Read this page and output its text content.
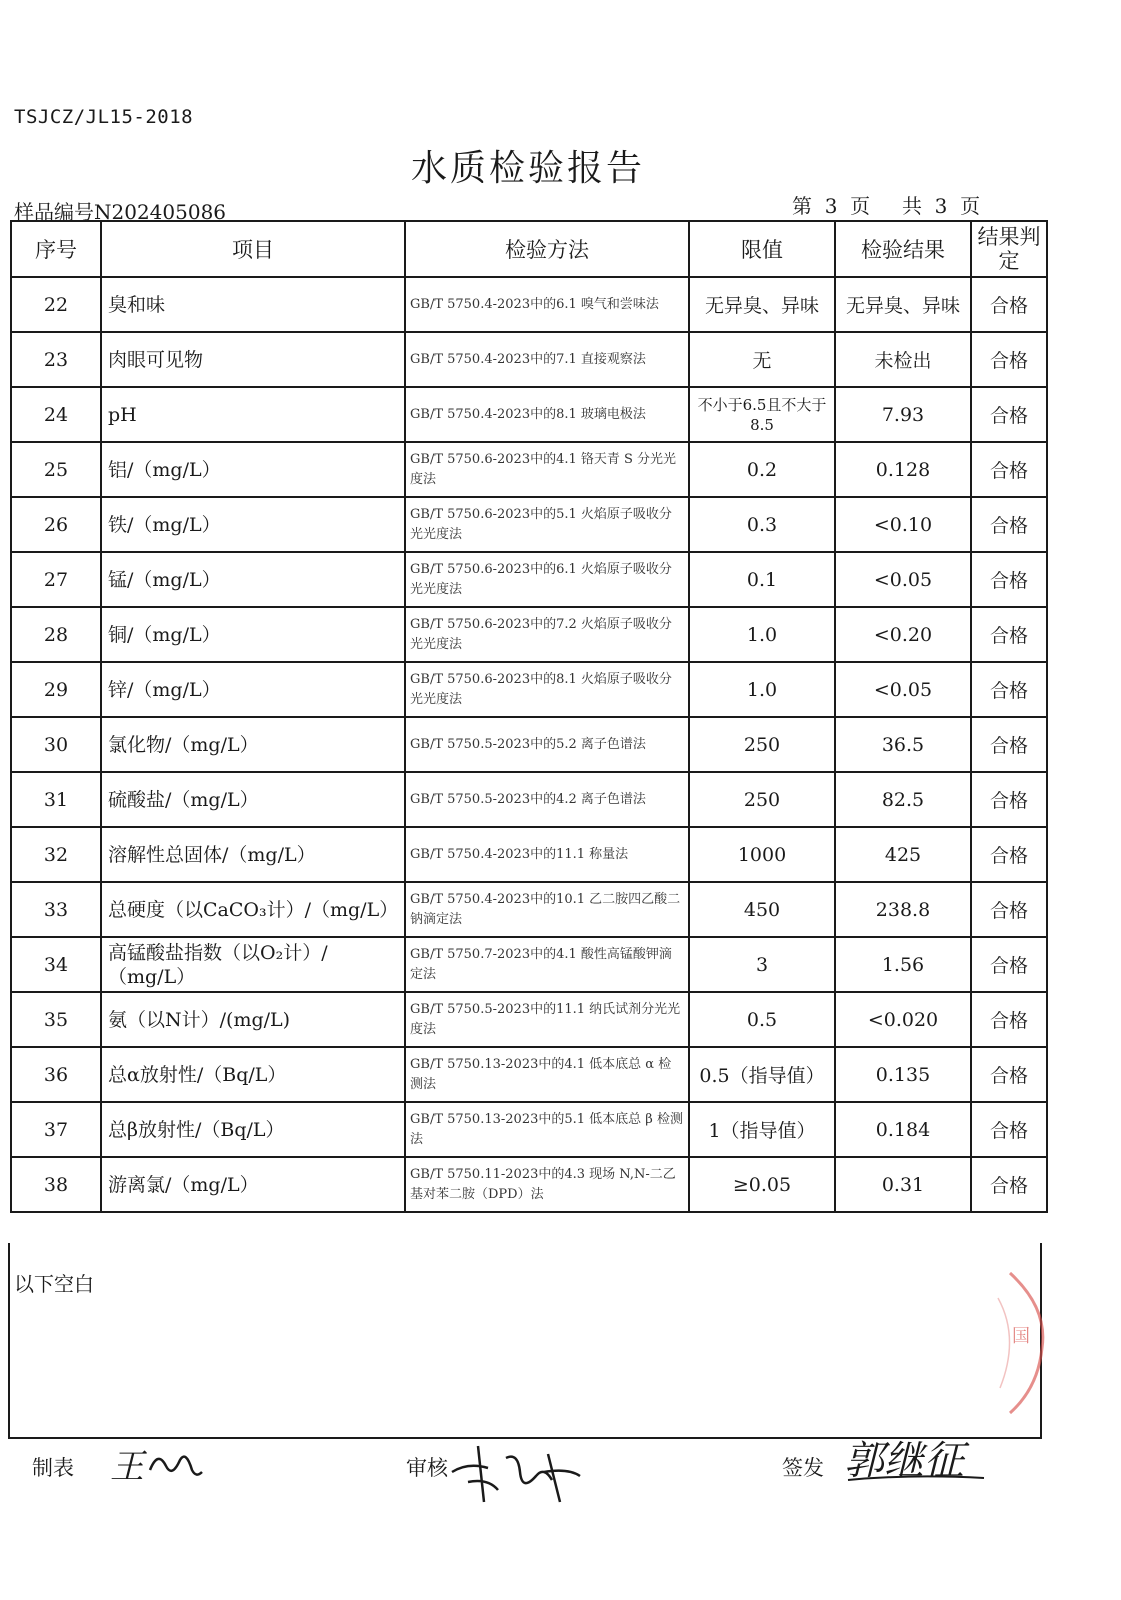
TSJCZ/JL15-2018
水质检验报告
样品编号N202405086	第  3  页     共  3  页
序号	项目	检验方法	限值	检验结果	结果判定
22	臭和味	GB/T 5750.4-2023中的6.1 嗅气和尝味法	无异臭、异味	无异臭、异味	合格
23	肉眼可见物	GB/T 5750.4-2023中的7.1 直接观察法	无	未检出	合格
24	pH	GB/T 5750.4-2023中的8.1 玻璃电极法	不小于6.5且不大于8.5	7.93	合格
25	铝/（mg/L）	GB/T 5750.6-2023中的4.1 铬天青 S 分光光度法	0.2	0.128	合格
26	铁/（mg/L）	GB/T 5750.6-2023中的5.1 火焰原子吸收分光光度法	0.3	<0.10	合格
27	锰/（mg/L）	GB/T 5750.6-2023中的6.1 火焰原子吸收分光光度法	0.1	<0.05	合格
28	铜/（mg/L）	GB/T 5750.6-2023中的7.2 火焰原子吸收分光光度法	1.0	<0.20	合格
29	锌/（mg/L）	GB/T 5750.6-2023中的8.1 火焰原子吸收分光光度法	1.0	<0.05	合格
30	氯化物/（mg/L）	GB/T 5750.5-2023中的5.2 离子色谱法	250	36.5	合格
31	硫酸盐/（mg/L）	GB/T 5750.5-2023中的4.2 离子色谱法	250	82.5	合格
32	溶解性总固体/（mg/L）	GB/T 5750.4-2023中的11.1 称量法	1000	425	合格
33	总硬度（以CaCO₃计）/（mg/L）	GB/T 5750.4-2023中的10.1 乙二胺四乙酸二钠滴定法	450	238.8	合格
34	高锰酸盐指数（以O₂计）/（mg/L）	GB/T 5750.7-2023中的4.1 酸性高锰酸钾滴定法	3	1.56	合格
35	氨（以N计）/(mg/L)	GB/T 5750.5-2023中的11.1 纳氏试剂分光光度法	0.5	<0.020	合格
36	总α放射性/（Bq/L）	GB/T 5750.13-2023中的4.1 低本底总 α 检测法	0.5（指导值）	0.135	合格
37	总β放射性/（Bq/L）	GB/T 5750.13-2023中的5.1 低本底总 β 检测法	1（指导值）	0.184	合格
38	游离氯/（mg/L）	GB/T 5750.11-2023中的4.3 现场 N,N-二乙基对苯二胺（DPD）法	≥0.05	0.31	合格
以下空白
国
制表 王	审核	签发 郭继征
